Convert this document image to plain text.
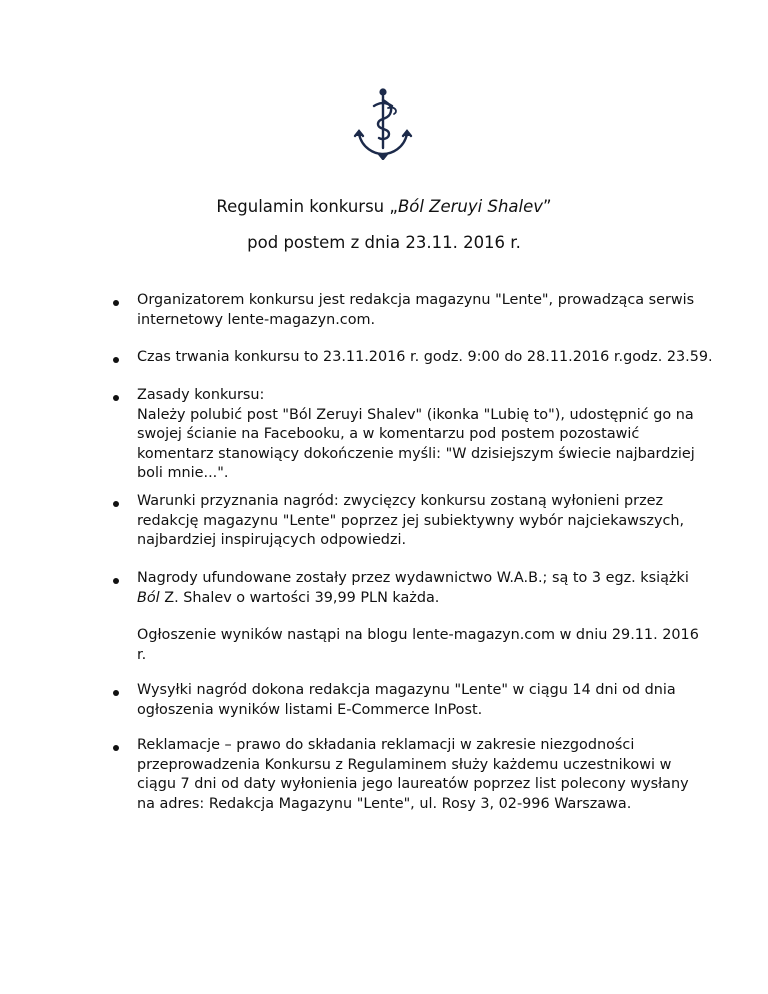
Regulamin konkursu „Ból Zeruyi Shalev”
pod postem z dnia 23.11. 2016 r.
Organizatorem konkursu jest redakcja magazynu "Lente", prowadząca serwis
internetowy lente-magazyn.com.
Czas trwania konkursu to 23.11.2016 r. godz. 9:00 do 28.11.2016 r.godz. 23.59.
Zasady konkursu:
Należy polubić post "Ból Zeruyi Shalev" (ikonka "Lubię to"), udostępnić go na
swojej ścianie na Facebooku, a w komentarzu pod postem pozostawić
komentarz stanowiący dokończenie myśli: "W dzisiejszym świecie najbardziej
boli mnie...".
Warunki przyznania nagród: zwycięzcy konkursu zostaną wyłonieni przez
redakcję magazynu "Lente" poprzez jej subiektywny wybór najciekawszych,
najbardziej inspirujących odpowiedzi.
Nagrody ufundowane zostały przez wydawnictwo W.A.B.; są to 3 egz. książki
Ból Z. Shalev o wartości 39,99 PLN każda.
Ogłoszenie wyników nastąpi na blogu lente-magazyn.com w dniu 29.11. 2016
r.
Wysyłki nagród dokona redakcja magazynu "Lente" w ciągu 14 dni od dnia
ogłoszenia wyników listami E-Commerce InPost.
Reklamacje – prawo do składania reklamacji w zakresie niezgodności
przeprowadzenia Konkursu z Regulaminem służy każdemu uczestnikowi w
ciągu 7 dni od daty wyłonienia jego laureatów poprzez list polecony wysłany
na adres: Redakcja Magazynu "Lente", ul. Rosy 3, 02-996 Warszawa.
